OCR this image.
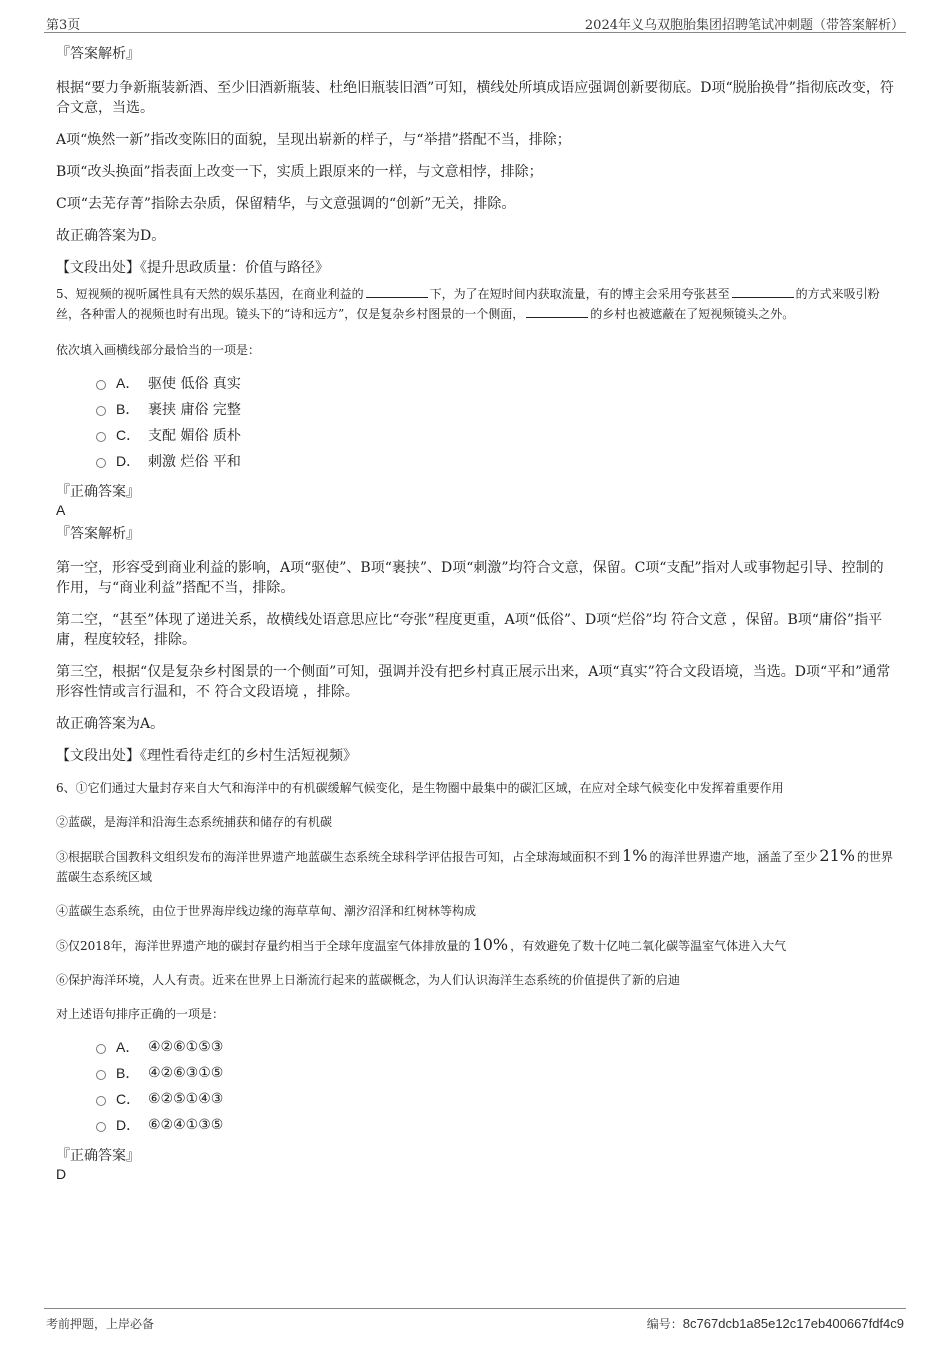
第3页	2024年义乌双胞胎集团招聘笔试冲刺题（带答案解析）

『答案解析』

根据“要力争新瓶装新酒、至少旧酒新瓶装、杜绝旧瓶装旧酒”可知，横线处所填成语应强调创新要彻底。D项“脱胎换骨”指彻底改变，符合文意，当选。

A项“焕然一新”指改变陈旧的面貌，呈现出崭新的样子，与“举措”搭配不当，排除；

B项“改头换面”指表面上改变一下，实质上跟原来的一样，与文意相悖，排除；

C项“去芜存菁”指除去杂质，保留精华，与文意强调的“创新”无关，排除。

故正确答案为D。

【文段出处】《提升思政质量：价值与路径》

5、短视频的视听属性具有天然的娱乐基因，在商业利益的	下，为了在短时间内获取流量，有的博主会采用夸张甚至	的方式来吸引粉丝，各种雷人的视频也时有出现。镜头下的“诗和远方”，仅是复杂乡村图景的一个侧面，	的乡村也被遮蔽在了短视频镜头之外。

依次填入画横线部分最恰当的一项是：

A． 驱使 低俗 真实
B． 裹挟 庸俗 完整
C． 支配 媚俗 质朴
D． 刺激 烂俗 平和

『正确答案』

A

『答案解析』

第一空，形容受到商业利益的影响，A项“驱使”、B项“裹挟”、D项“刺激”均符合文意，保留。C项“支配”指对人或事物起引导、控制的作用，与“商业利益”搭配不当，排除。

第二空，“甚至”体现了递进关系，故横线处语意思应比“夸张”程度更重，A项“低俗”、D项“烂俗”均 符合文意 ，保留。B项“庸俗”指平庸，程度较轻，排除。

第三空，根据“仅是复杂乡村图景的一个侧面”可知，强调并没有把乡村真正展示出来，A项“真实”符合文段语境，当选。D项“平和”通常形容性情或言行温和，不 符合文段语境 ，排除。

故正确答案为A。

【文段出处】《理性看待走红的乡村生活短视频》

6、①它们通过大量封存来自大气和海洋中的有机碳缓解气候变化，是生物圈中最集中的碳汇区域，在应对全球气候变化中发挥着重要作用

②蓝碳，是海洋和沿海生态系统捕获和储存的有机碳

③根据联合国教科文组织发布的海洋世界遗产地蓝碳生态系统全球科学评估报告可知，占全球海域面积不到 1% 的海洋世界遗产地，涵盖了至少 21% 的世界蓝碳生态系统区域

④蓝碳生态系统，由位于世界海岸线边缘的海草草甸、潮汐沼泽和红树林等构成

⑤仅2018年，海洋世界遗产地的碳封存量约相当于全球年度温室气体排放量的 10% ，有效避免了数十亿吨二氧化碳等温室气体进入大气

⑥保护海洋环境，人人有责。近来在世界上日渐流行起来的蓝碳概念，为人们认识海洋生态系统的价值提供了新的启迪

对上述语句排序正确的一项是：

A． ④②⑥①⑤③
B． ④②⑥③①⑤
C． ⑥②⑤①④③
D． ⑥②④①③⑤

『正确答案』

D

考前押题，上岸必备	编号：8c767dcb1a85e12c17eb400667fdf4c9
